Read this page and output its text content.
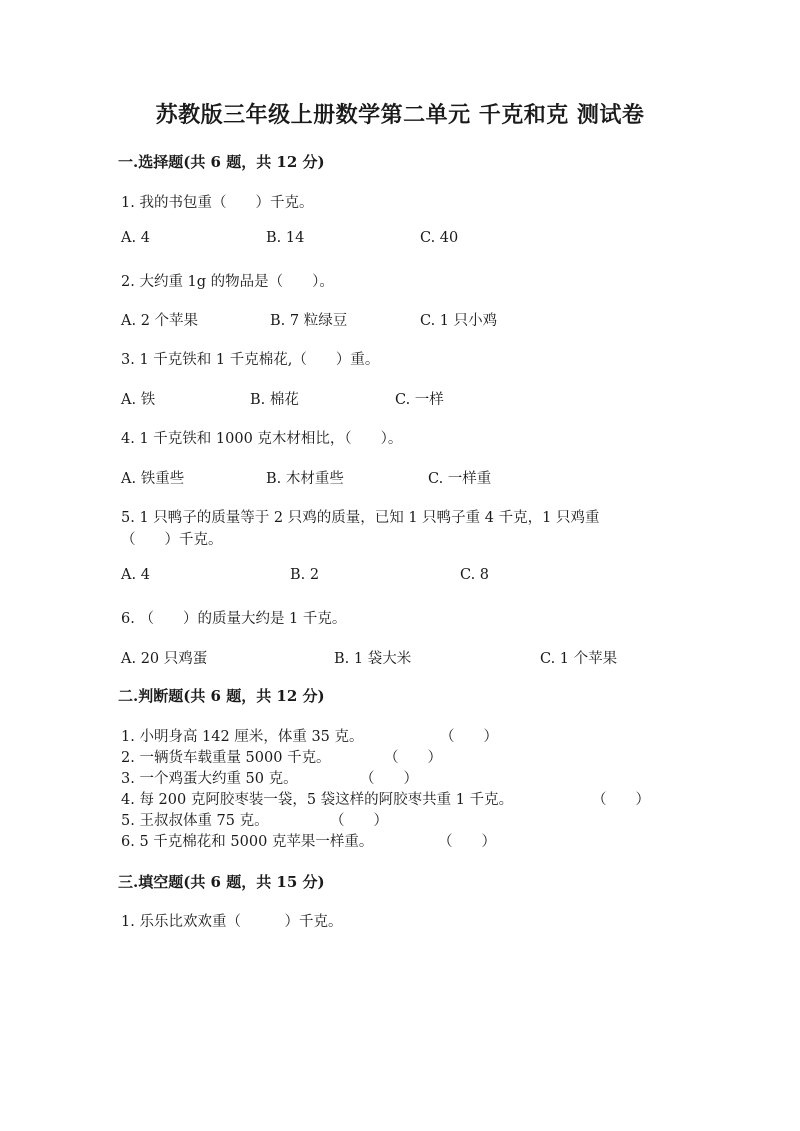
苏教版三年级上册数学第二单元 千克和克 测试卷
一.选择题(共 6 题，共 12 分)
1. 我的书包重（　　）千克。
A. 4	B. 14	C. 40
2. 大约重 1g 的物品是（　　）。
A. 2 个苹果	B. 7 粒绿豆	C. 1 只小鸡
3. 1 千克铁和 1 千克棉花,（　　）重。
A. 铁	B. 棉花	C. 一样
4. 1 千克铁和 1000 克木材相比，（　　）。
A. 铁重些	B. 木材重些	C. 一样重
5. 1 只鸭子的质量等于 2 只鸡的质量，已知 1 只鸭子重 4 千克，1 只鸡重
（　　）千克。
A. 4	B. 2	C. 8
6. （　　）的质量大约是 1 千克。
A. 20 只鸡蛋	B. 1 袋大米	C. 1 个苹果
二.判断题(共 6 题，共 12 分)
1. 小明身高 142 厘米，体重 35 克。	（　　）
2. 一辆货车载重量 5000 千克。	（　　）
3. 一个鸡蛋大约重 50 克。	（　　）
4. 每 200 克阿胶枣装一袋，5 袋这样的阿胶枣共重 1 千克。	（　　）
5. 王叔叔体重 75 克。	（　　）
6. 5 千克棉花和 5000 克苹果一样重。	（　　）
三.填空题(共 6 题，共 15 分)
1. 乐乐比欢欢重（　　　）千克。
